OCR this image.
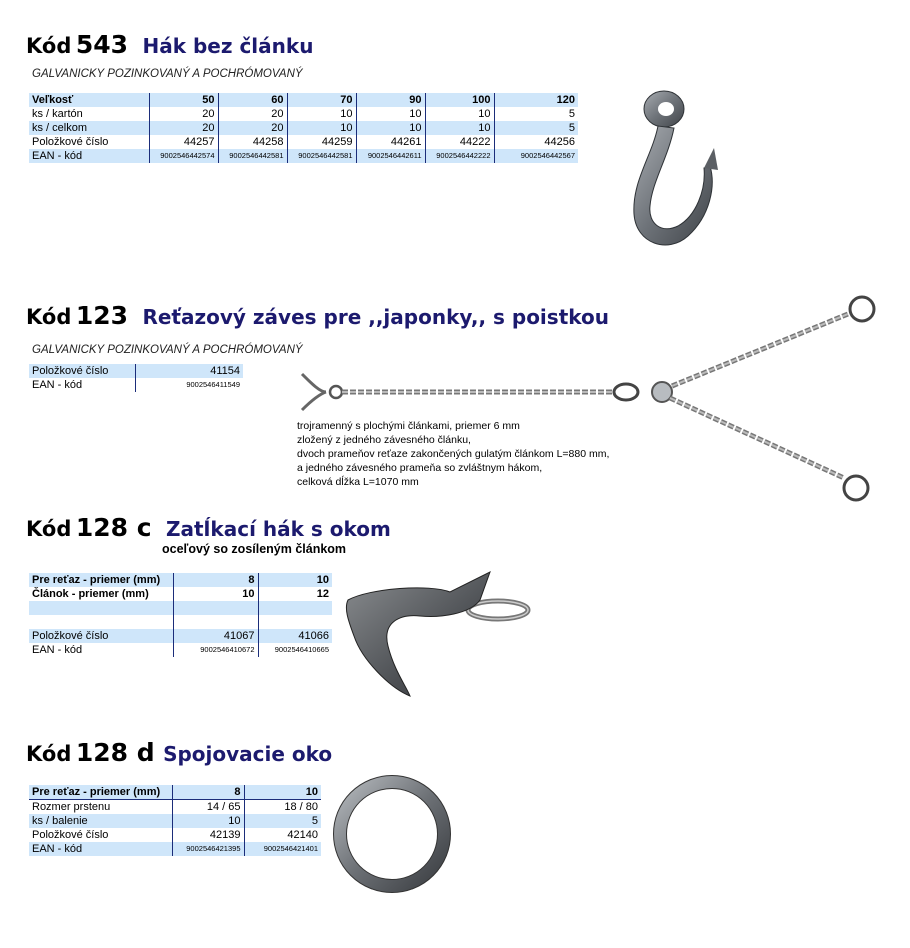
Kód 543 Hák bez článku
GALVANICKY POZINKOVANÝ A POCHRÓMOVANÝ
Veľkosť	50	60	70	90	100	120
ks / kartón	20	20	10	10	10	5
ks / celkom	20	20	10	10	10	5
Položkové číslo	44257	44258	44259	44261	44222	44256
EAN - kód	9002546442574	9002546442581	9002546442581	9002546442611	9002546442222	9002546442567
Kód 123 Reťazový záves pre ,,japonky,, s poistkou
GALVANICKY POZINKOVANÝ A POCHRÓMOVANÝ
Položkové číslo	41154
EAN - kód	9002546411549
trojramenný s plochými článkami, priemer 6 mm
zložený z jedného závesného článku,
dvoch prameňov reťaze zakončených gulatým článkom L=880 mm,
a jedného závesného prameňa so zvláštnym hákom,
celková dĺžka L=1070 mm
Kód 128 c Zatĺkací hák s okom
oceľový so zosíleným článkom
Pre reťaz - priemer (mm)	8	10
Článok - priemer (mm)	10	12

Položkové číslo	41067	41066
EAN - kód	9002546410672	9002546410665
Kód 128 d Spojovacie oko
Pre reťaz - priemer (mm)	8	10
Rozmer prstenu	14 / 65	18 / 80
ks / balenie	10	5
Položkové číslo	42139	42140
EAN - kód	9002546421395	9002546421401
